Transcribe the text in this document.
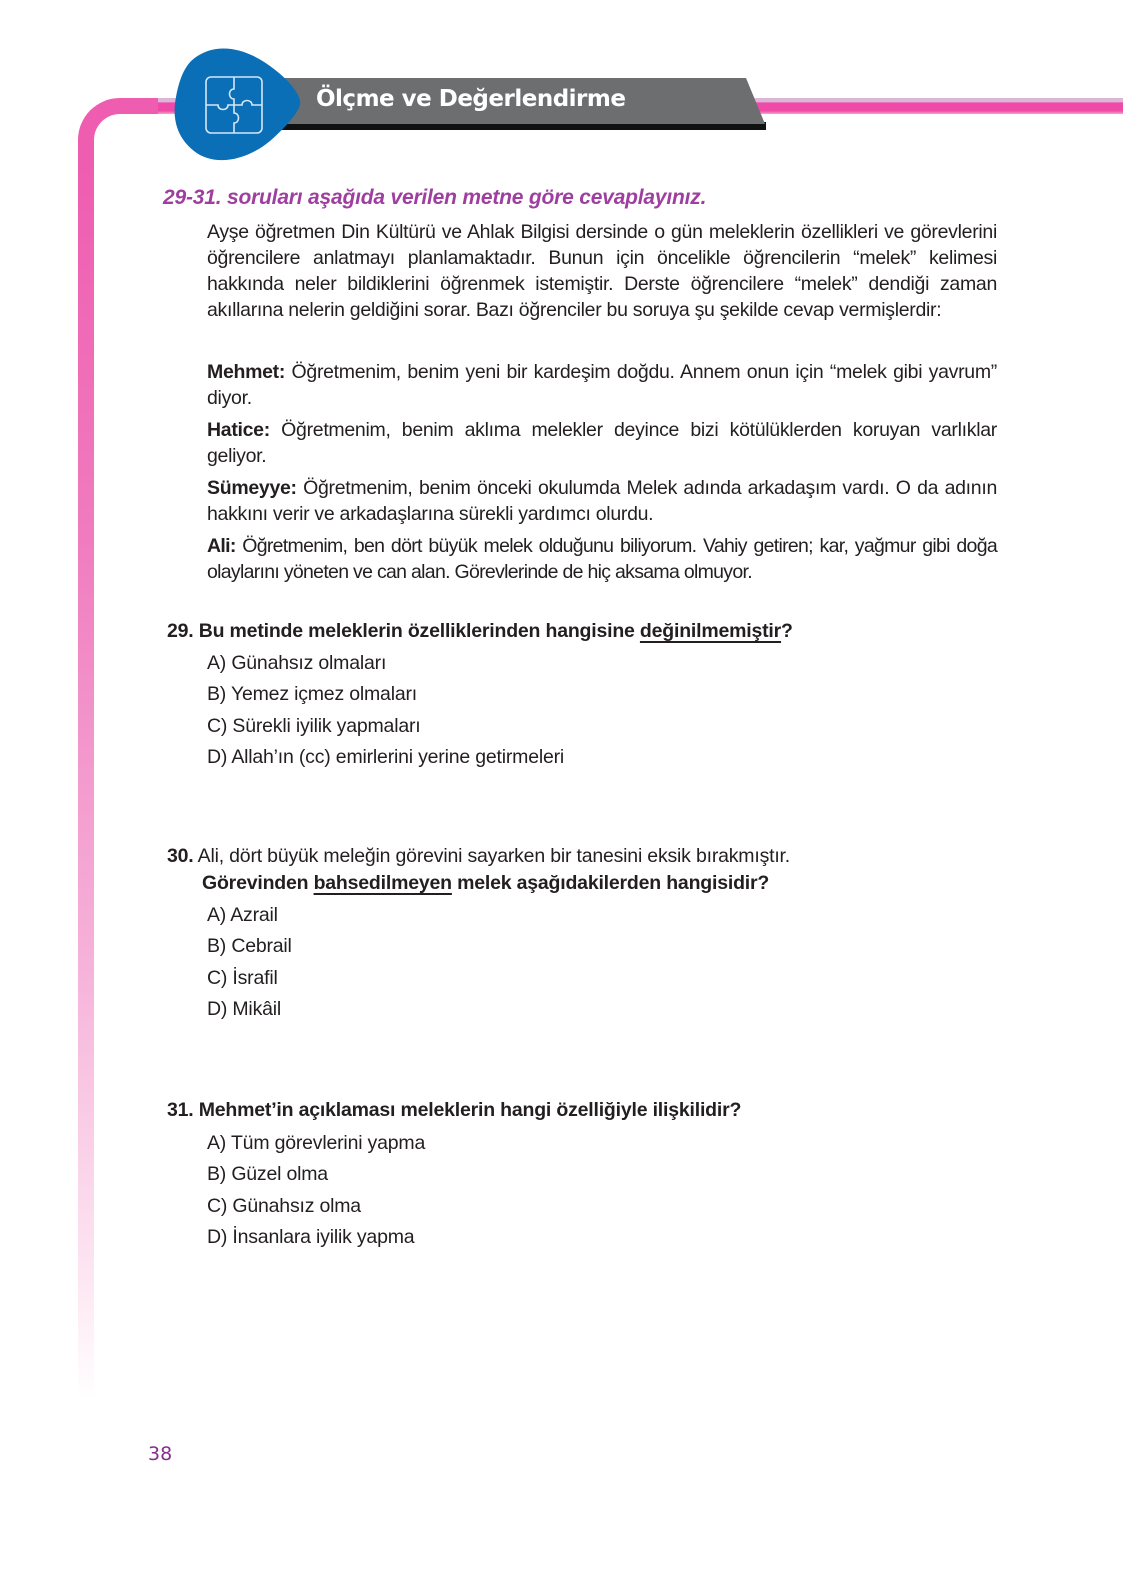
Ölçme ve Değerlendirme
29-31. soruları aşağıda verilen metne göre cevaplayınız.
Ayşe öğretmen Din Kültürü ve Ahlak Bilgisi dersinde o gün meleklerin özellikleri ve görevlerini öğrencilere anlatmayı planlamaktadır. Bunun için öncelikle öğrencilerin “melek” kelimesi hakkında neler bildiklerini öğrenmek istemiştir. Derste öğrencilere “melek” dendiği zaman akıllarına nelerin geldiğini sorar. Bazı öğrenciler bu soruya şu şekilde cevap vermişlerdir:
Mehmet: Öğretmenim, benim yeni bir kardeşim doğdu. Annem onun için “melek gibi yavrum” diyor.
Hatice: Öğretmenim, benim aklıma melekler deyince bizi kötülüklerden koruyan varlıklar geliyor.
Sümeyye: Öğretmenim, benim önceki okulumda Melek adında arkadaşım vardı. O da adının hakkını verir ve arkadaşlarına sürekli yardımcı olurdu.
Ali: Öğretmenim, ben dört büyük melek olduğunu biliyorum. Vahiy getiren; kar, yağmur gibi doğa olaylarını yöneten ve can alan. Görevlerinde de hiç aksama olmuyor.
29. Bu metinde meleklerin özelliklerinden hangisine değinilmemiştir?
A) Günahsız olmaları
B) Yemez içmez olmaları
C) Sürekli iyilik yapmaları
D) Allah’ın (cc) emirlerini yerine getirmeleri
30. Ali, dört büyük meleğin görevini sayarken bir tanesini eksik bırakmıştır.
Görevinden bahsedilmeyen melek aşağıdakilerden hangisidir?
A) Azrail
B) Cebrail
C) İsrafil
D) Mikâil
31. Mehmet’in açıklaması meleklerin hangi özelliğiyle ilişkilidir?
A) Tüm görevlerini yapma
B) Güzel olma
C) Günahsız olma
D) İnsanlara iyilik yapma
38
